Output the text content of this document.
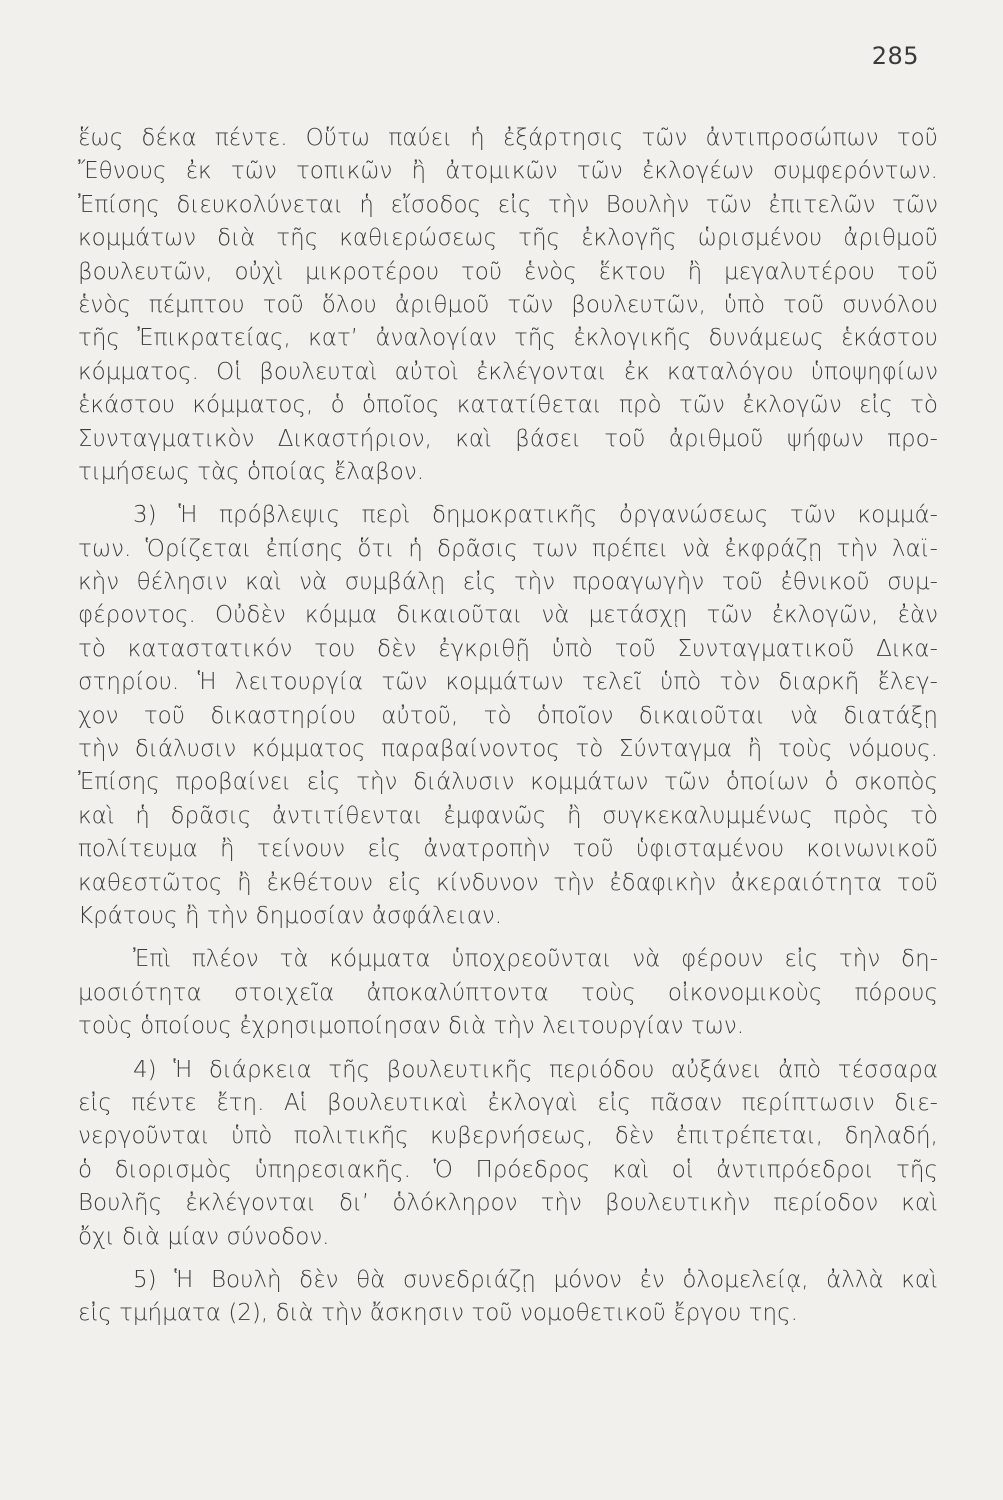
285
ἕως δέκα πέντε. Οὕτω παύει ἡ ἐξάρτησις τῶν ἀντιπροσώπων τοῦ
Ἔθνους ἐκ τῶν τοπικῶν ἢ ἀτομικῶν τῶν ἐκλογέων συμφερόντων.
Ἐπίσης διευκολύνεται ἡ εἴσοδος εἰς τὴν Βουλὴν τῶν ἐπιτελῶν τῶν
κομμάτων διὰ τῆς καθιερώσεως τῆς ἐκλογῆς ὡρισμένου ἀριθμοῦ
βουλευτῶν, οὐχὶ μικροτέρου τοῦ ἑνὸς ἕκτου ἢ μεγαλυτέρου τοῦ
ἑνὸς πέμπτου τοῦ ὅλου ἀριθμοῦ τῶν βουλευτῶν, ὑπὸ τοῦ συνόλου
τῆς Ἐπικρατείας, κατ’ ἀναλογίαν τῆς ἐκλογικῆς δυνάμεως ἑκάστου
κόμματος. Οἱ βουλευταὶ αὐτοὶ ἐκλέγονται ἐκ καταλόγου ὑποψηφίων
ἑκάστου κόμματος, ὁ ὁποῖος κατατίθεται πρὸ τῶν ἐκλογῶν εἰς τὸ
Συνταγματικὸν Δικαστήριον, καὶ βάσει τοῦ ἀριθμοῦ ψήφων προ-
τιμήσεως τὰς ὁποίας ἔλαβον.
3) Ἡ πρόβλεψις περὶ δημοκρατικῆς ὀργανώσεως τῶν κομμά-
των. Ὁρίζεται ἐπίσης ὅτι ἡ δρᾶσις των πρέπει νὰ ἐκφράζῃ τὴν λαϊ-
κὴν θέλησιν καὶ νὰ συμβάλῃ εἰς τὴν προαγωγὴν τοῦ ἐθνικοῦ συμ-
φέροντος. Οὐδὲν κόμμα δικαιοῦται νὰ μετάσχῃ τῶν ἐκλογῶν, ἐὰν
τὸ καταστατικόν του δὲν ἐγκριθῇ ὑπὸ τοῦ Συνταγματικοῦ Δικα-
στηρίου. Ἡ λειτουργία τῶν κομμάτων τελεῖ ὑπὸ τὸν διαρκῆ ἔλεγ-
χον τοῦ δικαστηρίου αὐτοῦ, τὸ ὁποῖον δικαιοῦται νὰ διατάξῃ
τὴν διάλυσιν κόμματος παραβαίνοντος τὸ Σύνταγμα ἢ τοὺς νόμους.
Ἐπίσης προβαίνει εἰς τὴν διάλυσιν κομμάτων τῶν ὁποίων ὁ σκοπὸς
καὶ ἡ δρᾶσις ἀντιτίθενται ἐμφανῶς ἢ συγκεκαλυμμένως πρὸς τὸ
πολίτευμα ἢ τείνουν εἰς ἀνατροπὴν τοῦ ὑφισταμένου κοινωνικοῦ
καθεστῶτος ἢ ἐκθέτουν εἰς κίνδυνον τὴν ἐδαφικὴν ἀκεραιότητα τοῦ
Κράτους ἢ τὴν δημοσίαν ἀσφάλειαν.
Ἐπὶ πλέον τὰ κόμματα ὑποχρεοῦνται νὰ φέρουν εἰς τὴν δη-
μοσιότητα στοιχεῖα ἀποκαλύπτοντα τοὺς οἰκονομικοὺς πόρους
τοὺς ὁποίους ἐχρησιμοποίησαν διὰ τὴν λειτουργίαν των.
4) Ἡ διάρκεια τῆς βουλευτικῆς περιόδου αὐξάνει ἀπὸ τέσσαρα
εἰς πέντε ἔτη. Αἱ βουλευτικαὶ ἐκλογαὶ εἰς πᾶσαν περίπτωσιν διε-
νεργοῦνται ὑπὸ πολιτικῆς κυβερνήσεως, δὲν ἐπιτρέπεται, δηλαδή,
ὁ διορισμὸς ὑπηρεσιακῆς. Ὁ Πρόεδρος καὶ οἱ ἀντιπρόεδροι τῆς
Βουλῆς ἐκλέγονται δι’ ὁλόκληρον τὴν βουλευτικὴν περίοδον καὶ
ὄχι διὰ μίαν σύνοδον.
5) Ἡ Βουλὴ δὲν θὰ συνεδριάζῃ μόνον ἐν ὁλομελείᾳ, ἀλλὰ καὶ
εἰς τμήματα (2), διὰ τὴν ἄσκησιν τοῦ νομοθετικοῦ ἔργου της.
